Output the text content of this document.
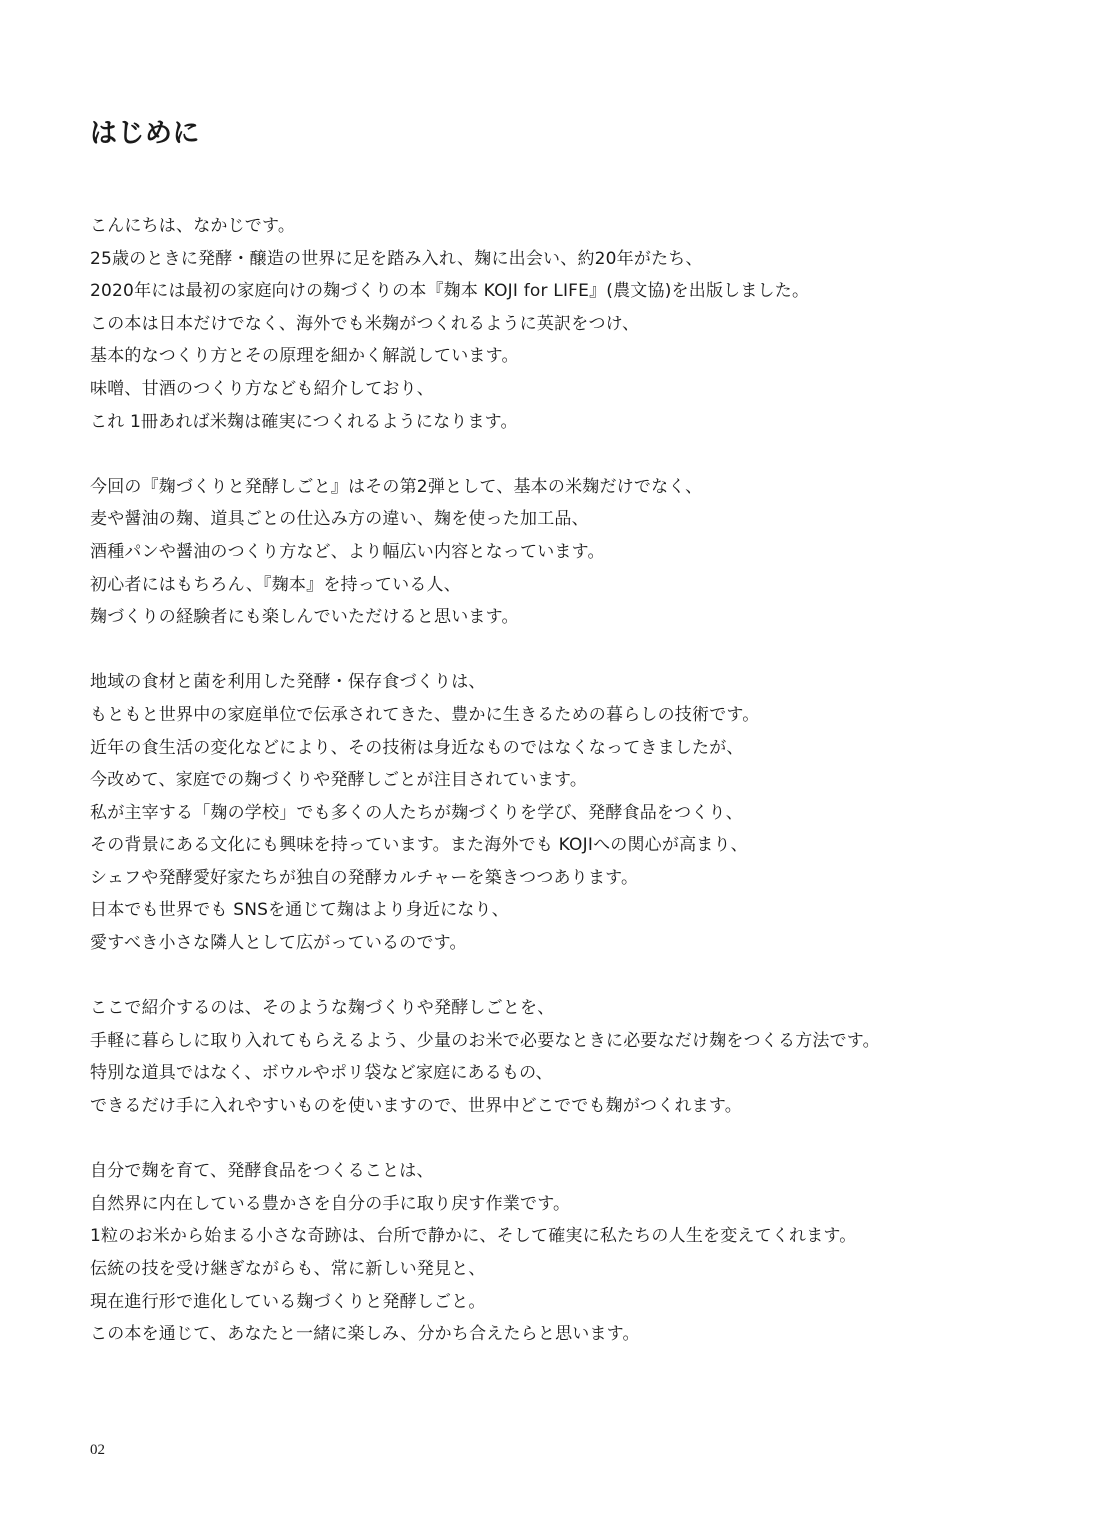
はじめに
こんにちは、なかじです。
25歳のときに発酵・醸造の世界に足を踏み入れ、麹に出会い、約20年がたち、
2020年には最初の家庭向けの麹づくりの本『麹本 KOJI for LIFE』(農文協)を出版しました。
この本は日本だけでなく、海外でも米麹がつくれるように英訳をつけ、
基本的なつくり方とその原理を細かく解説しています。
味噌、甘酒のつくり方なども紹介しており、
これ 1冊あれば米麹は確実につくれるようになります。
今回の『麹づくりと発酵しごと』はその第2弾として、基本の米麹だけでなく、
麦や醤油の麹、道具ごとの仕込み方の違い、麹を使った加工品、
酒種パンや醤油のつくり方など、より幅広い内容となっています。
初心者にはもちろん、『麹本』を持っている人、
麹づくりの経験者にも楽しんでいただけると思います。
地域の食材と菌を利用した発酵・保存食づくりは、
もともと世界中の家庭単位で伝承されてきた、豊かに生きるための暮らしの技術です。
近年の食生活の変化などにより、その技術は身近なものではなくなってきましたが、
今改めて、家庭での麹づくりや発酵しごとが注目されています。
私が主宰する「麹の学校」でも多くの人たちが麹づくりを学び、発酵食品をつくり、
その背景にある文化にも興味を持っています。また海外でも KOJIへの関心が高まり、
シェフや発酵愛好家たちが独自の発酵カルチャーを築きつつあります。
日本でも世界でも SNSを通じて麹はより身近になり、
愛すべき小さな隣人として広がっているのです。
ここで紹介するのは、そのような麹づくりや発酵しごとを、
手軽に暮らしに取り入れてもらえるよう、少量のお米で必要なときに必要なだけ麹をつくる方法です。
特別な道具ではなく、ボウルやポリ袋など家庭にあるもの、
できるだけ手に入れやすいものを使いますので、世界中どこででも麹がつくれます。
自分で麹を育て、発酵食品をつくることは、
自然界に内在している豊かさを自分の手に取り戻す作業です。
1粒のお米から始まる小さな奇跡は、台所で静かに、そして確実に私たちの人生を変えてくれます。
伝統の技を受け継ぎながらも、常に新しい発見と、
現在進行形で進化している麹づくりと発酵しごと。
この本を通じて、あなたと一緒に楽しみ、分かち合えたらと思います。
02
